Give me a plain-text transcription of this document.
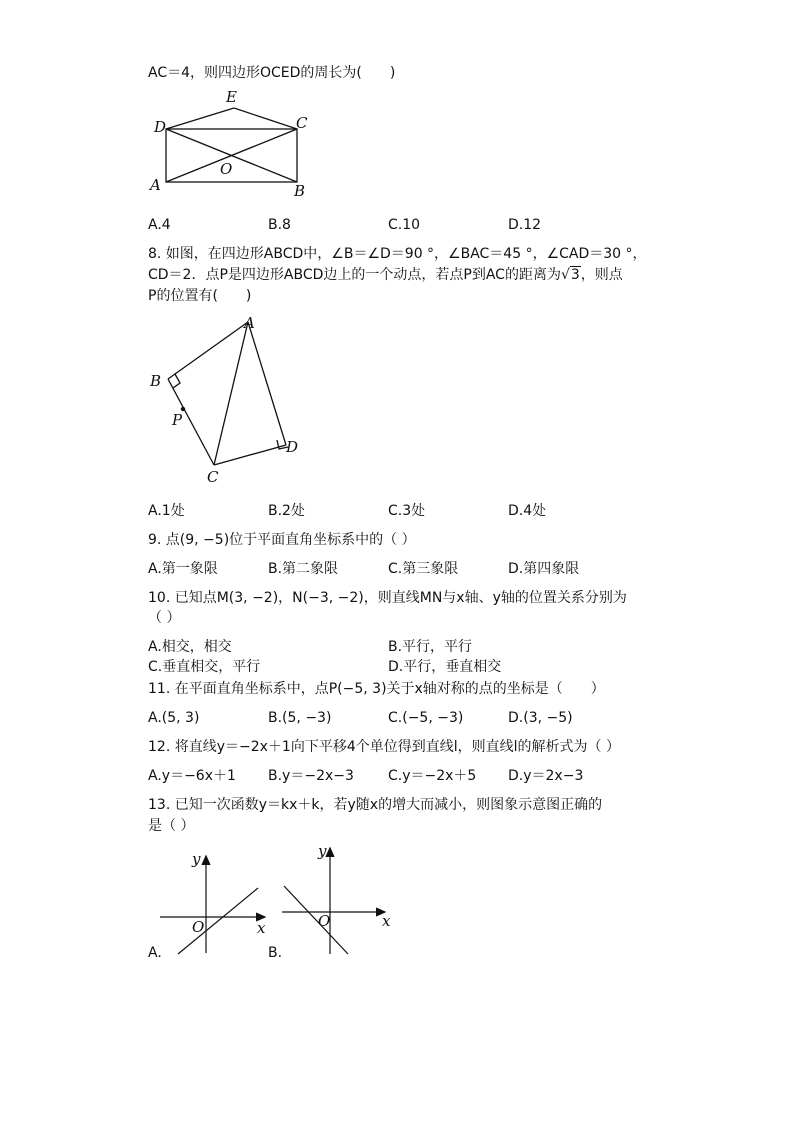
AC＝4，则四边形OCED的周长为(　　)
D
E
C
O
A	B
A.4	B.8	C.10	D.12
8. 如图，在四边形ABCD中，∠B＝∠D＝90 °，∠BAC＝45 °，∠CAD＝30 °，
CD＝2．点P是四边形ABCD边上的一个动点，若点P到AC的距离为√3，则点
P的位置有(　　)
A
B
P
C
D
A.1处	B.2处	C.3处	D.4处
9. 点(9, −5)位于平面直角坐标系中的（ ）
A.第一象限	B.第二象限	C.第三象限	D.第四象限
10. 已知点M(3, −2)，N(−3, −2)，则直线MN与x轴、y轴的位置关系分别为
（ ）
A.相交，相交	B.平行，平行
C.垂直相交，平行	D.平行，垂直相交
11. 在平面直角坐标系中，点P(−5, 3)关于x轴对称的点的坐标是（　　）
A.(5, 3)	B.(5, −3)	C.(−5, −3)	D.(3, −5)
12. 将直线y＝−2x＋1向下平移4个单位得到直线l，则直线l的解析式为（ ）
A.y＝−6x＋1 B.y＝−2x−3 C.y＝−2x＋5 D.y＝2x−3
13. 已知一次函数y＝kx＋k，若y随x的增大而减小，则图象示意图正确的
是（ ）
y
x
O
A.
y
x
O
B.
